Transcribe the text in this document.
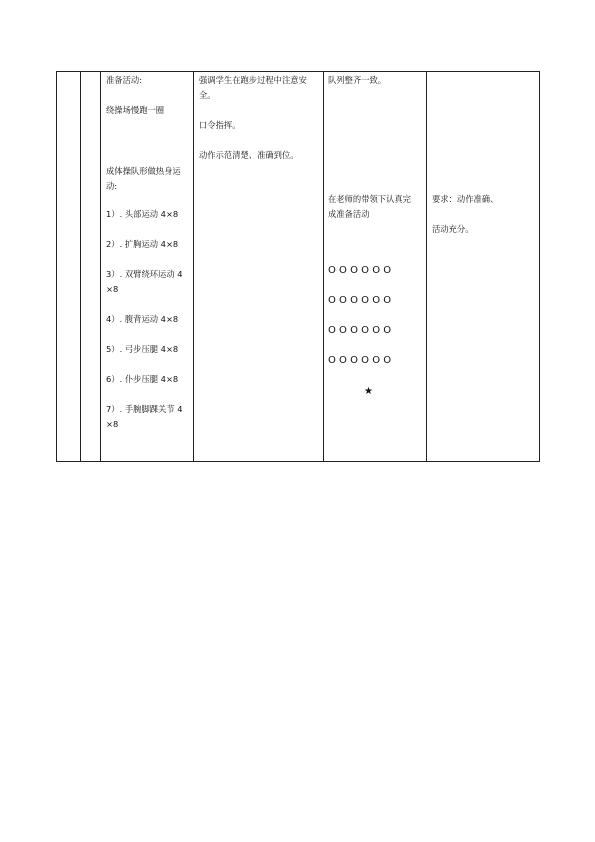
准备活动:
绕操场慢跑一圈
成体操队形做热身运
动:
1）. 头部运动 4×8
2）. 扩胸运动 4×8
3）. 双臂绕环运动 4
×8
4）. 腹背运动 4×8
5）. 弓步压腿 4×8
6）. 仆步压腿 4×8
7）. 手腕脚踝关节 4
×8
强调学生在跑步过程中注意安
全。
口令指挥。
动作示范清楚、准确到位。
队列整齐一致。
在老师的带领下认真完
成准备活动
O O O O O O
O O O O O O
O O O O O O
O O O O O O
★
要求：动作准确、
活动充分。
